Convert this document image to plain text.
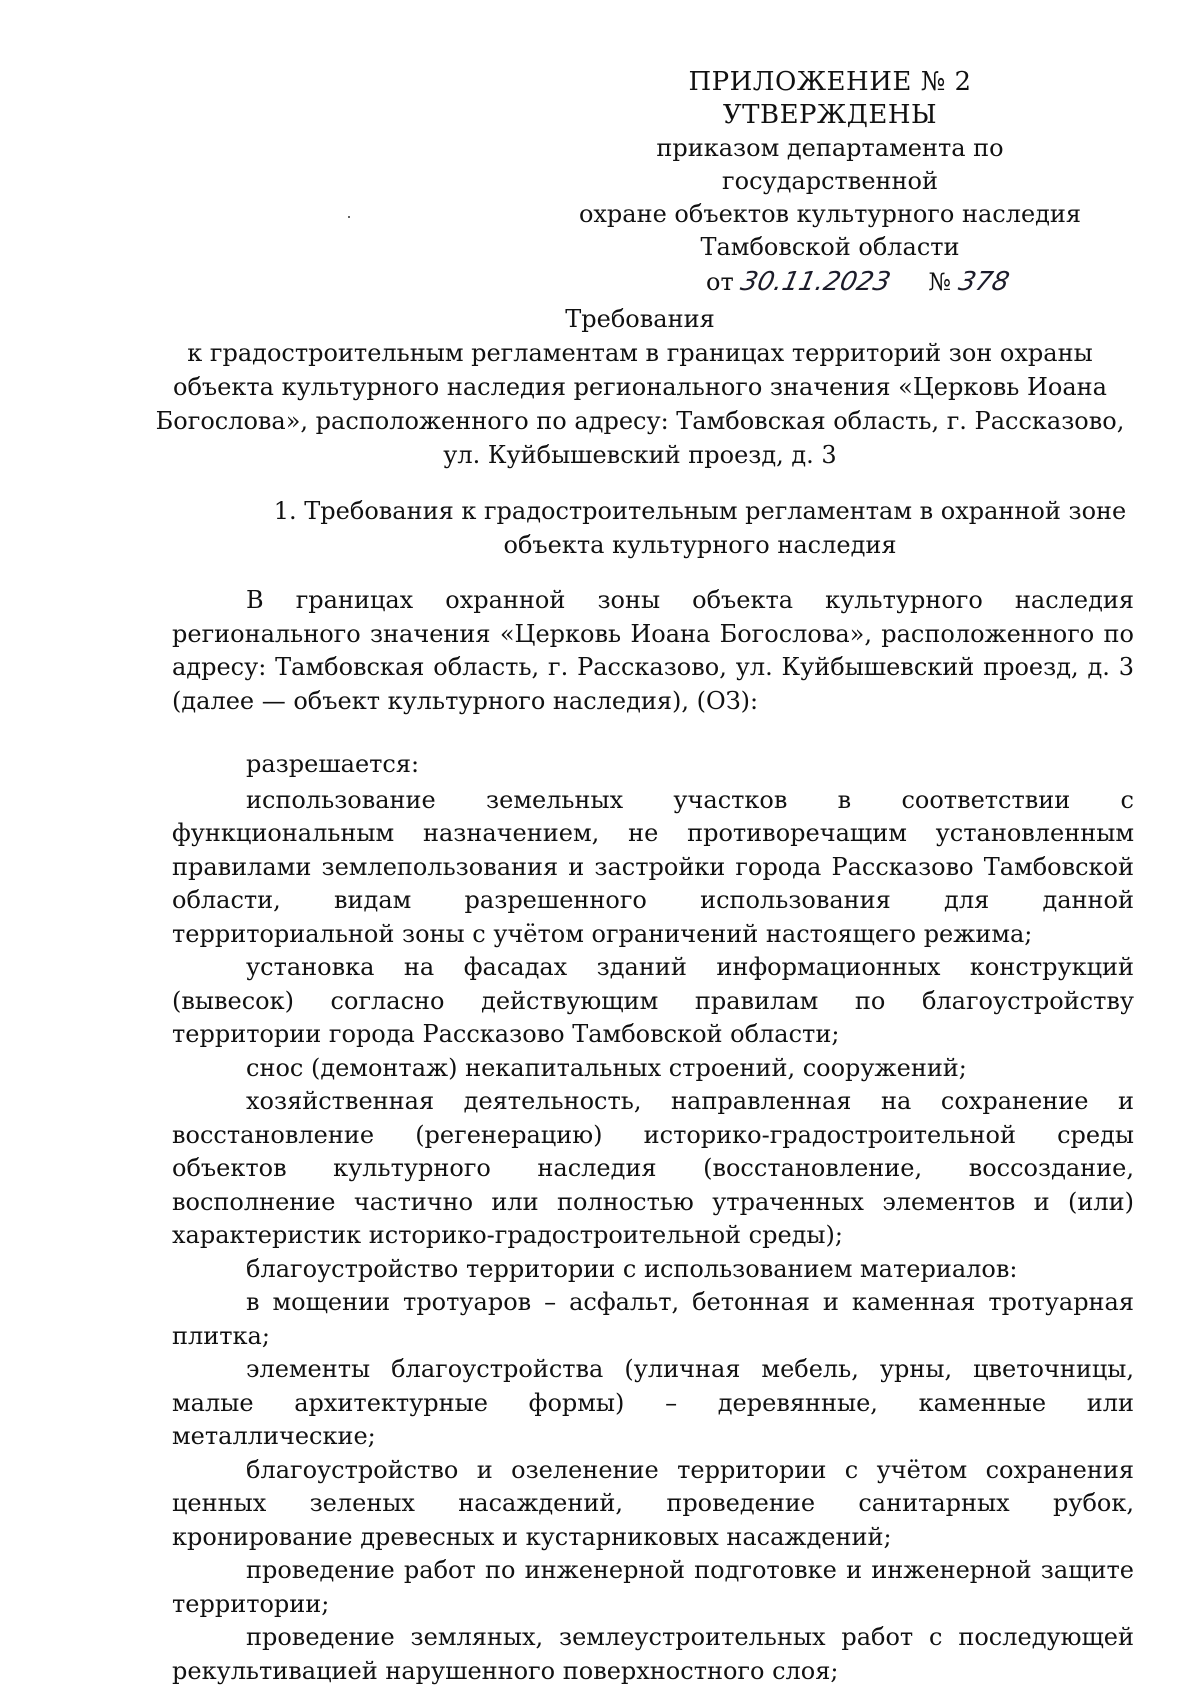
ПРИЛОЖЕНИЕ № 2
УТВЕРЖДЕНЫ
приказом департамента по государственной
охране объектов культурного наследия
Тамбовской области
от 30.11.2023 № 378
Требования
к градостроительным регламентам в границах территорий зон охраны
объекта культурного наследия регионального значения «Церковь Иоана
Богослова», расположенного по адресу: Тамбовская область, г. Рассказово,
ул. Куйбышевский проезд, д. 3
1. Требования к градостроительным регламентам в охранной зоне
объекта культурного наследия
В границах охранной зоны объекта культурного наследия регионального значения «Церковь Иоана Богослова», расположенного по адресу: Тамбовская область, г. Рассказово, ул. Куйбышевский проезд, д. 3 (далее — объект культурного наследия), (ОЗ):

разрешается:

использование земельных участков в соответствии с функциональным назначением, не противоречащим установленным правилами землепользования и застройки города Рассказово Тамбовской области, видам разрешенного использования для данной территориальной зоны с учётом ограничений настоящего режима;

установка на фасадах зданий информационных конструкций (вывесок) согласно действующим правилам по благоустройству территории города Рассказово Тамбовской области;

снос (демонтаж) некапитальных строений, сооружений;

хозяйственная деятельность, направленная на сохранение и восстановление (регенерацию) историко-градостроительной среды объектов культурного наследия (восстановление, воссоздание, восполнение частично или полностью утраченных элементов и (или) характеристик историко-градостроительной среды);

благоустройство территории с использованием материалов:

в мощении тротуаров – асфальт, бетонная и каменная тротуарная плитка;

элементы благоустройства (уличная мебель, урны, цветочницы, малые архитектурные формы) – деревянные, каменные или металлические;

благоустройство и озеленение территории с учётом сохранения ценных зеленых насаждений, проведение санитарных рубок, кронирование древесных и кустарниковых насаждений;

проведение работ по инженерной подготовке и инженерной защите территории;

проведение земляных, землеустроительных работ с последующей рекультивацией нарушенного поверхностного слоя;
